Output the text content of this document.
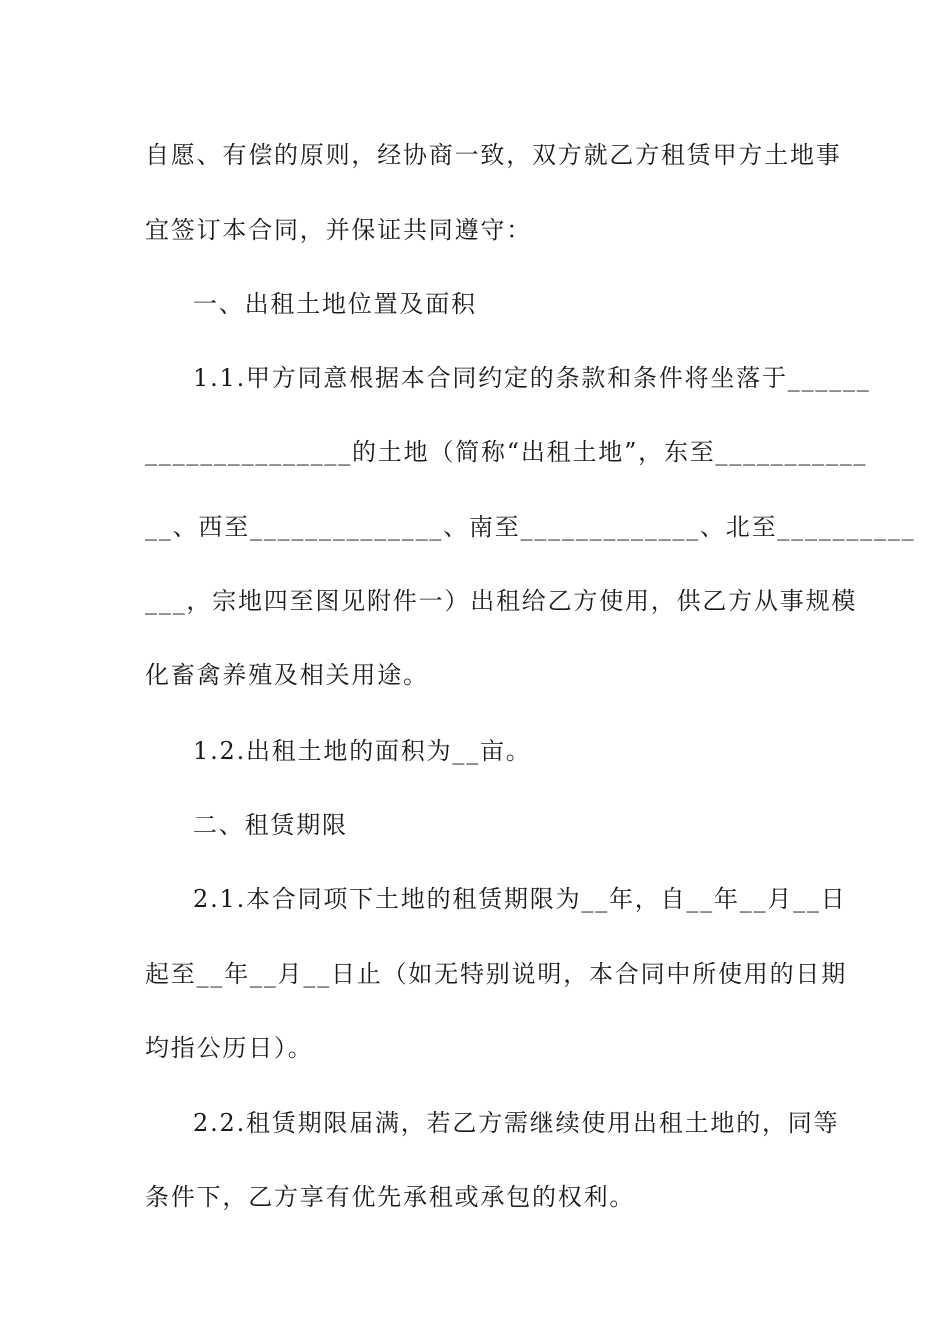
自愿、有偿的原则，经协商一致，双方就乙方租赁甲方土地事
宜签订本合同，并保证共同遵守：
一、出租土地位置及面积
1.1.甲方同意根据本合同约定的条款和条件将坐落于______
_______________的土地（简称“出租土地”，东至___________
__、西至______________、南至_____________、北至__________
___，宗地四至图见附件一）出租给乙方使用，供乙方从事规模
化畜禽养殖及相关用途。
1.2.出租土地的面积为__亩。
二、租赁期限
2.1.本合同项下土地的租赁期限为__年，自__年__月__日
起至__年__月__日止（如无特别说明，本合同中所使用的日期
均指公历日）。
2.2.租赁期限届满，若乙方需继续使用出租土地的，同等
条件下，乙方享有优先承租或承包的权利。
